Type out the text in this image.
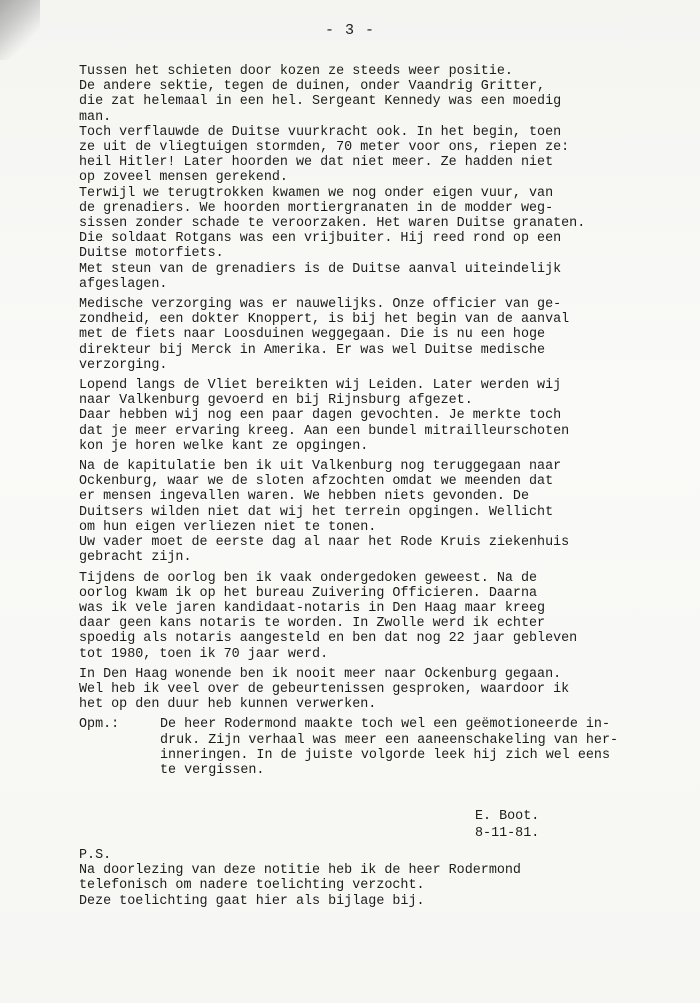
- 3 -
Tussen het schieten door kozen ze steeds weer positie.
De andere sektie, tegen de duinen, onder Vaandrig Gritter,
die zat helemaal in een hel. Sergeant Kennedy was een moedig
man.
Toch verflauwde de Duitse vuurkracht ook. In het begin, toen
ze uit de vliegtuigen stormden, 70 meter voor ons, riepen ze:
heil Hitler! Later hoorden we dat niet meer. Ze hadden niet
op zoveel mensen gerekend.
Terwijl we terugtrokken kwamen we nog onder eigen vuur, van
de grenadiers. We hoorden mortiergranaten in de modder weg-
sissen zonder schade te veroorzaken. Het waren Duitse granaten.
Die soldaat Rotgans was een vrijbuiter. Hij reed rond op een
Duitse motorfiets.
Met steun van de grenadiers is de Duitse aanval uiteindelijk
afgeslagen.
Medische verzorging was er nauwelijks. Onze officier van ge-
zondheid, een dokter Knoppert, is bij het begin van de aanval
met de fiets naar Loosduinen weggegaan. Die is nu een hoge
direkteur bij Merck in Amerika. Er was wel Duitse medische
verzorging.
Lopend langs de Vliet bereikten wij Leiden. Later werden wij
naar Valkenburg gevoerd en bij Rijnsburg afgezet.
Daar hebben wij nog een paar dagen gevochten. Je merkte toch
dat je meer ervaring kreeg. Aan een bundel mitrailleurschoten
kon je horen welke kant ze opgingen.
Na de kapitulatie ben ik uit Valkenburg nog teruggegaan naar
Ockenburg, waar we de sloten afzochten omdat we meenden dat
er mensen ingevallen waren. We hebben niets gevonden. De
Duitsers wilden niet dat wij het terrein opgingen. Wellicht
om hun eigen verliezen niet te tonen.
Uw vader moet de eerste dag al naar het Rode Kruis ziekenhuis
gebracht zijn.
Tijdens de oorlog ben ik vaak ondergedoken geweest. Na de
oorlog kwam ik op het bureau Zuivering Officieren. Daarna
was ik vele jaren kandidaat-notaris in Den Haag maar kreeg
daar geen kans notaris te worden. In Zwolle werd ik echter
spoedig als notaris aangesteld en ben dat nog 22 jaar gebleven
tot 1980, toen ik 70 jaar werd.
In Den Haag wonende ben ik nooit meer naar Ockenburg gegaan.
Wel heb ik veel over de gebeurtenissen gesproken, waardoor ik
het op den duur heb kunnen verwerken.
Opm.:	De heer Rodermond maakte toch wel een geëmotioneerde in-
druk. Zijn verhaal was meer een aaneenschakeling van her-
inneringen. In de juiste volgorde leek hij zich wel eens
te vergissen.
E. Boot.
8-11-81.
P.S.
Na doorlezing van deze notitie heb ik de heer Rodermond
telefonisch om nadere toelichting verzocht.
Deze toelichting gaat hier als bijlage bij.
